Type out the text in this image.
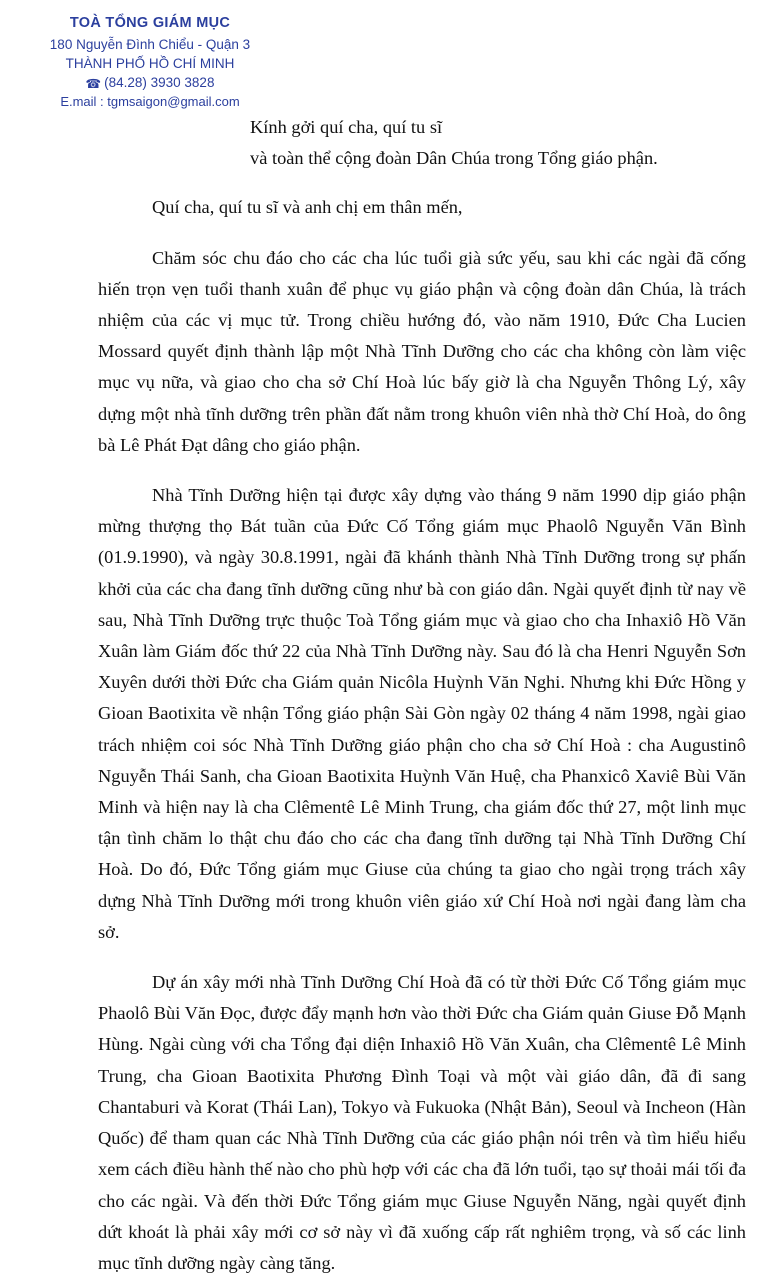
TOÀ TỔNG GIÁM MỤC
180 Nguyễn Đình Chiểu - Quận 3
THÀNH PHỐ HỒ CHÍ MINH
☎ (84.28) 3930 3828
E.mail : tgmsaigon@gmail.com
Kính gởi quí cha, quí tu sĩ
và toàn thể cộng đoàn Dân Chúa trong Tổng giáo phận.
Quí cha, quí tu sĩ và anh chị em thân mến,

Chăm sóc chu đáo cho các cha lúc tuổi già sức yếu, sau khi các ngài đã cống hiến trọn vẹn tuổi thanh xuân để phục vụ giáo phận và cộng đoàn dân Chúa, là trách nhiệm của các vị mục tử. Trong chiều hướng đó, vào năm 1910, Đức Cha Lucien Mossard quyết định thành lập một Nhà Tĩnh Dưỡng cho các cha không còn làm việc mục vụ nữa, và giao cho cha sở Chí Hoà lúc bấy giờ là cha Nguyễn Thông Lý, xây dựng một nhà tĩnh dưỡng trên phần đất nằm trong khuôn viên nhà thờ Chí Hoà, do ông bà Lê Phát Đạt dâng cho giáo phận.

Nhà Tĩnh Dưỡng hiện tại được xây dựng vào tháng 9 năm 1990 dịp giáo phận mừng thượng thọ Bát tuần của Đức Cố Tổng giám mục Phaolô Nguyễn Văn Bình (01.9.1990), và ngày 30.8.1991, ngài đã khánh thành Nhà Tĩnh Dưỡng trong sự phấn khởi của các cha đang tĩnh dưỡng cũng như bà con giáo dân. Ngài quyết định từ nay về sau, Nhà Tĩnh Dưỡng trực thuộc Toà Tổng giám mục và giao cho cha Inhaxiô Hồ Văn Xuân làm Giám đốc thứ 22 của Nhà Tĩnh Dưỡng này. Sau đó là cha Henri Nguyễn Sơn Xuyên dưới thời Đức cha Giám quản Nicôla Huỳnh Văn Nghi. Nhưng khi Đức Hồng y Gioan Baotixita về nhận Tổng giáo phận Sài Gòn ngày 02 tháng 4 năm 1998, ngài giao trách nhiệm coi sóc Nhà Tĩnh Dưỡng giáo phận cho cha sở Chí Hoà : cha Augustinô Nguyễn Thái Sanh, cha Gioan Baotixita Huỳnh Văn Huệ, cha Phanxicô Xaviê Bùi Văn Minh và hiện nay là cha Clêmentê Lê Minh Trung, cha giám đốc thứ 27, một linh mục tận tình chăm lo thật chu đáo cho các cha đang tĩnh dưỡng tại Nhà Tĩnh Dưỡng Chí Hoà. Do đó, Đức Tổng giám mục Giuse của chúng ta giao cho ngài trọng trách xây dựng Nhà Tĩnh Dưỡng mới trong khuôn viên giáo xứ Chí Hoà nơi ngài đang làm cha sở.

Dự án xây mới nhà Tĩnh Dưỡng Chí Hoà đã có từ thời Đức Cố Tổng giám mục Phaolô Bùi Văn Đọc, được đẩy mạnh hơn vào thời Đức cha Giám quản Giuse Đỗ Mạnh Hùng. Ngài cùng với cha Tổng đại diện Inhaxiô Hồ Văn Xuân, cha Clêmentê Lê Minh Trung, cha Gioan Baotixita Phương Đình Toại và một vài giáo dân, đã đi sang Chantaburi và Korat (Thái Lan), Tokyo và Fukuoka (Nhật Bản), Seoul và Incheon (Hàn Quốc) để tham quan các Nhà Tĩnh Dưỡng của các giáo phận nói trên và tìm hiểu hiểu xem cách điều hành thế nào cho phù hợp với các cha đã lớn tuổi, tạo sự thoải mái tối đa cho các ngài. Và đến thời Đức Tổng giám mục Giuse Nguyễn Năng, ngài quyết định dứt khoát là phải xây mới cơ sở này vì đã xuống cấp rất nghiêm trọng, và số các linh mục tĩnh dưỡng ngày càng tăng.
